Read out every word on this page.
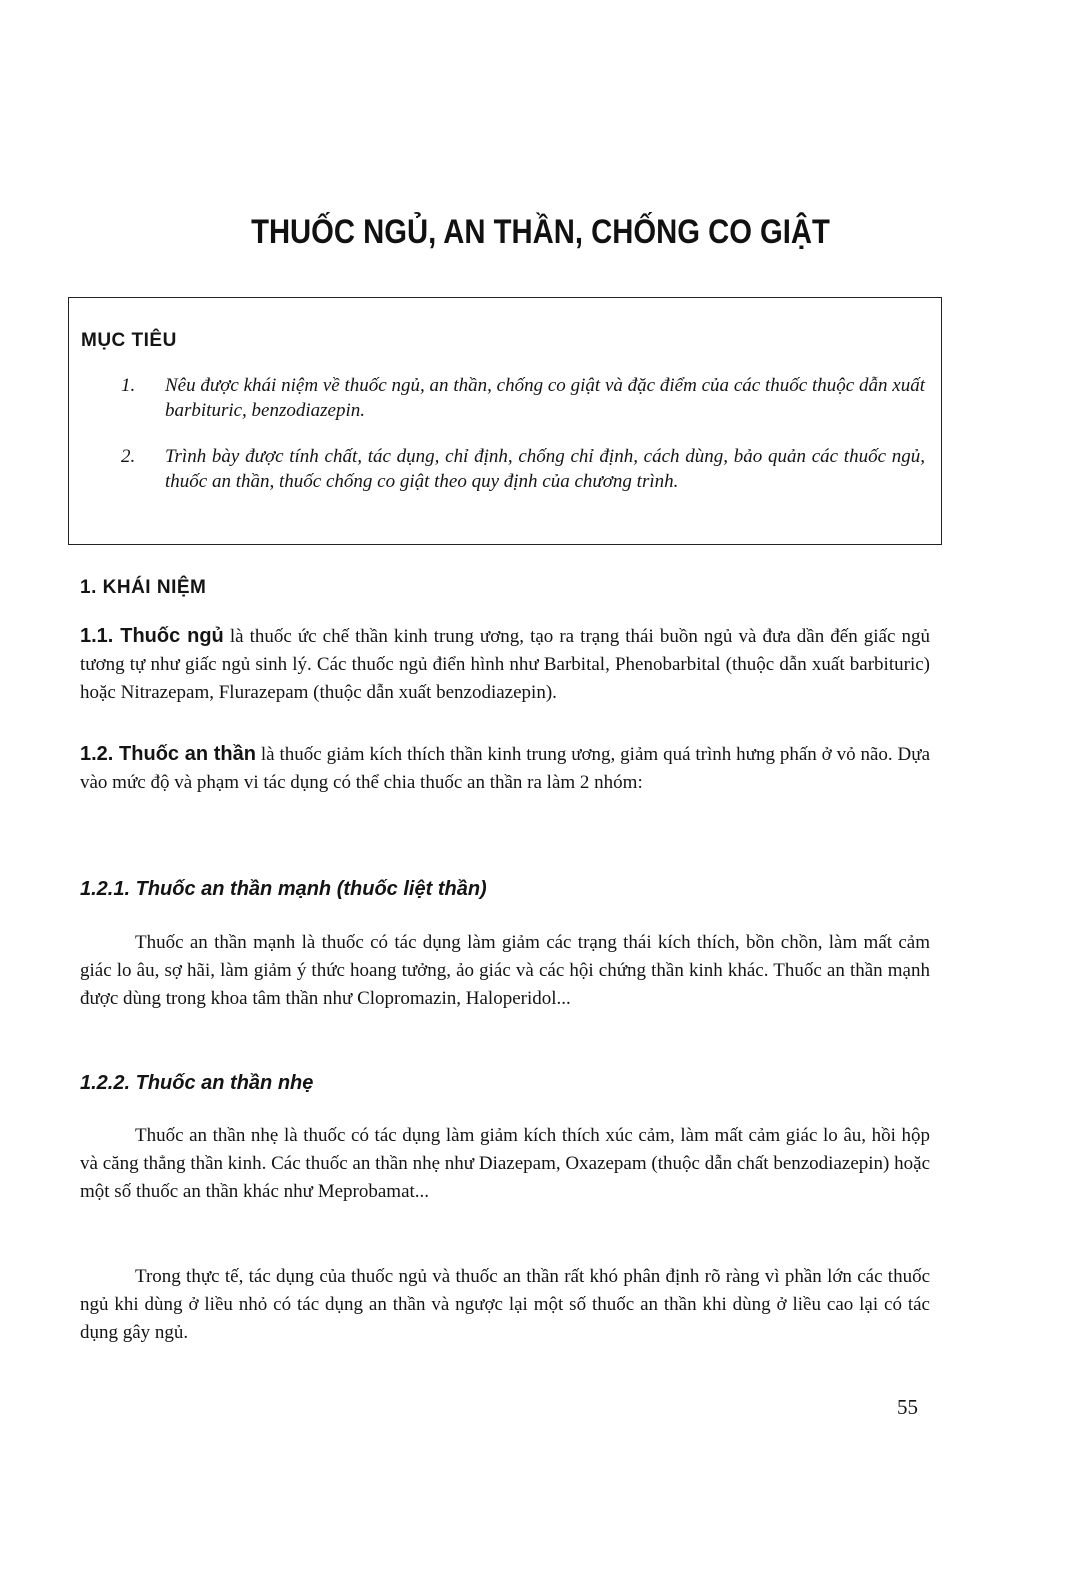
THUỐC NGỦ, AN THẦN, CHỐNG CO GIẬT
MỤC TIÊU
1.	Nêu được khái niệm về thuốc ngủ, an thần, chống co giật và đặc điểm của các thuốc thuộc dẫn xuất barbituric, benzodiazepin.
2.	Trình bày được tính chất, tác dụng, chỉ định, chống chỉ định, cách dùng, bảo quản các thuốc ngủ, thuốc an thần, thuốc chống co giật theo quy định của chương trình.
1. KHÁI NIỆM
1.1. Thuốc ngủ là thuốc ức chế thần kinh trung ương, tạo ra trạng thái buồn ngủ và đưa dần đến giấc ngủ tương tự như giấc ngủ sinh lý. Các thuốc ngủ điển hình như Barbital, Phenobarbital (thuộc dẫn xuất barbituric) hoặc Nitrazepam, Flurazepam (thuộc dẫn xuất benzodiazepin).
1.2. Thuốc an thần là thuốc giảm kích thích thần kinh trung ương, giảm quá trình hưng phấn ở vỏ não. Dựa vào mức độ và phạm vi tác dụng có thể chia thuốc an thần ra làm 2 nhóm:
1.2.1. Thuốc an thần mạnh (thuốc liệt thần)
Thuốc an thần mạnh là thuốc có tác dụng làm giảm các trạng thái kích thích, bồn chồn, làm mất cảm giác lo âu, sợ hãi, làm giảm ý thức hoang tưởng, ảo giác và các hội chứng thần kinh khác. Thuốc an thần mạnh được dùng trong khoa tâm thần như Clopromazin, Haloperidol...
1.2.2. Thuốc an thần nhẹ
Thuốc an thần nhẹ là thuốc có tác dụng làm giảm kích thích xúc cảm, làm mất cảm giác lo âu, hồi hộp và căng thẳng thần kinh. Các thuốc an thần nhẹ như Diazepam, Oxazepam (thuộc dẫn chất benzodiazepin) hoặc một số thuốc an thần khác như Meprobamat...
Trong thực tế, tác dụng của thuốc ngủ và thuốc an thần rất khó phân định rõ ràng vì phần lớn các thuốc ngủ khi dùng ở liều nhỏ có tác dụng an thần và ngược lại một số thuốc an thần khi dùng ở liều cao lại có tác dụng gây ngủ.
55
